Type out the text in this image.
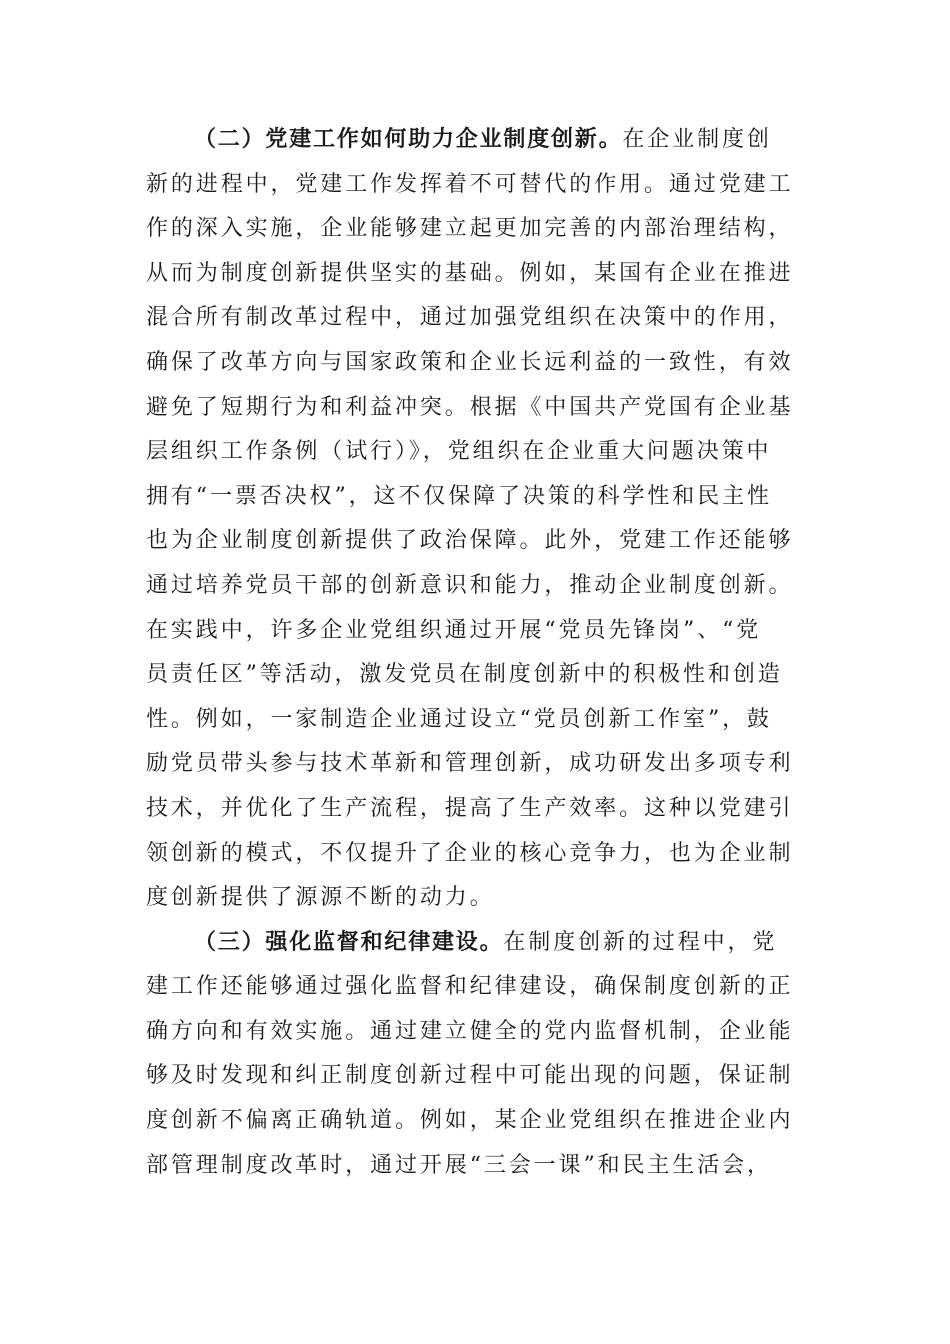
（二）党建工作如何助力企业制度创新。在企业制度创
新的进程中，党建工作发挥着不可替代的作用。通过党建工
作的深入实施，企业能够建立起更加完善的内部治理结构，
从而为制度创新提供坚实的基础。例如，某国有企业在推进
混合所有制改革过程中，通过加强党组织在决策中的作用，
确保了改革方向与国家政策和企业长远利益的一致性，有效
避免了短期行为和利益冲突。根据《中国共产党国有企业基
层组织工作条例（试行）》，党组织在企业重大问题决策中
拥有“一票否决权”，这不仅保障了决策的科学性和民主性
也为企业制度创新提供了政治保障。此外，党建工作还能够
通过培养党员干部的创新意识和能力，推动企业制度创新。
在实践中，许多企业党组织通过开展“党员先锋岗”、“党
员责任区”等活动，激发党员在制度创新中的积极性和创造
性。例如，一家制造企业通过设立“党员创新工作室”，鼓
励党员带头参与技术革新和管理创新，成功研发出多项专利
技术，并优化了生产流程，提高了生产效率。这种以党建引
领创新的模式，不仅提升了企业的核心竞争力，也为企业制
度创新提供了源源不断的动力。
（三）强化监督和纪律建设。在制度创新的过程中，党
建工作还能够通过强化监督和纪律建设，确保制度创新的正
确方向和有效实施。通过建立健全的党内监督机制，企业能
够及时发现和纠正制度创新过程中可能出现的问题，保证制
度创新不偏离正确轨道。例如，某企业党组织在推进企业内
部管理制度改革时，通过开展“三会一课”和民主生活会，
